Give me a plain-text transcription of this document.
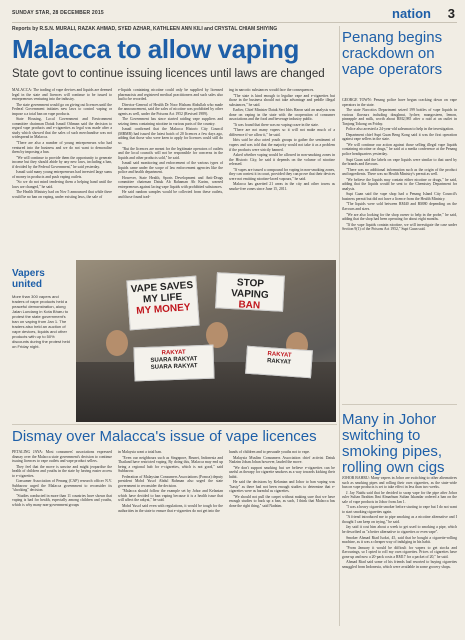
SUNDAY STAR, 28 DECEMBER 2015	nation 3
Reports by R.S.N. MURALI, RAZAK AHMAD, SYED AZHAR, KATHLEEN ANN KILI and CRYSTAL CHIAM SHIYING
Malacca to allow vaping
State govt to continue issuing licences until laws are changed

MALACCA: The trading of vape devices and liquids are deemed legal in the state and licences will continue to be issued to entrepreneurs venturing into the industry.

The state government would go on giving out licences until the Federal Government initiates new laws to control vaping or impose a a total ban on vape products.

State Housing, Local Government and Environment committee chairman Datuk Ismail Othman said the decision to regard vape products and e-cigarettes as legal was made after a study which showed that the sales of such merchandise was not widespread in Malacca.

"There are also a number of young entrepreneurs who had ventured into the business and we do not want to demoralise them by imposing a ban.

"We will continue to provide them the opportunity to generate income but they should abide by any new laws, including a ban, if decided by the Federal Government," he said yesterday.

Ismail said many young entrepreneurs had invested large sums of money in products and push vaping outlets.

"So we do not mind tendering them a helping hand until the laws are changed," he said.

The Health Ministry had on Nov 5 announced that while there would be no ban on vaping, under existing laws, the sale of

e-liquids containing nicotine could only be supplied by licensed pharmacists and registered medical practitioners and such sales also had to be recorded.

Director-General of Health Dr Noor Hisham Abdullah who made the announcement, said the sales of nicotine was prohibited by other agents as well, under the Poisons Act 1952 (Revised 1989).

The Government has since started raiding vape suppliers and seizing items containing nicotine in various parts of the country.

Ismail confirmed that the Malacca Historic City Council (MBMB) had issued the latest batch of 20 licences a few days ago, adding that those who were keen to apply for licences could still do so.

"But the licences are meant for the legitimate operators of outlets and the local councils will not be responsible for concerns in the liquids and other products sold," he said.

Ismail said monitoring and enforcement of the various types of liquids came under the scope of law enforcement agencies like the police and health department.

However, State Health, Sports Development and Anti-Drugs committee chairman Datuk Ab Rahaman Ab Karim, warned entrepreneurs against lacing vape liquids with prohibited substances.

He said random samples would be collected from these outlets, and those found trad-

ing in narcotic substances would face the consequences.

"The state is kind enough to legalise vape and e-cigarettes but those in the business should not take advantage and peddle illegal substances," he said.

Earlier, Chief Minister Datuk Seri Idris Haron said an analysis was done on vaping in the state with the cooperation of consumer associations and the food and beverage industry public.

"It was found that there was no vaping craze in the state.

"There are not many vapers so it will not make much of a difference if we allow it," he said.

Idris said he also acted youth groups to gather the sentiment of vapers and was told that the majority would not take it as a problem if the products were strictly banned.

Asked whether vaping would be allowed in non-smoking zones in the Historic City, he said it depends on the volume of nicotine released.

"If vapes are issued a compound for vaping in non-smoking zones, they can contest it in court, provided they can prove that their devices were not emitting nicotine-laced vapours," he said.

Malacca has gazetted 21 areas in the city and other towns as smoke-free zones since June 15, 2011.

Vapers united
More than 300 vapers and traders of vape products held a peaceful demonstration, along Jalan Lundang in Kota Bharu to protest the state government's ban on vaping from Jan 1. The traders also held an auction of vape devices, liquids and other products with up to 50% discounts during the protest held on Friday night.
VAPE SAVES
MY LIFE
MY MONEY
STOP VAPING
BAN
RAKYAT
SUARA RAKYAT
SUARA RAKYAT
RAKYAT
RAKYAT
Dismay over Malacca's issue of vape licences

PETALING JAYA: Most consumers' associations expressed dismay over the Malacca state government's decision to continue issuing licences to vape outlets and vape product sellers.

They feel that the move is unwise and might jeopardise the health of children and youths in the state by having easier access to e-cigarettes.

Consumer Association of Penang (CAP) research officer N.V. Subbarow urged the Malacca government to reconsider its "shocking" decision.

"Studies conducted in more than 11 countries have shown that vaping is bad for health, especially among children and youths, which is why many non-government groups

in Malaysia want a total ban.

"Even our neighbours such as Singapore, Brunei, Indonesia and Thailand have restricted vaping. By doing this, Malacca may end up being a regional hub for e-cigarettes, which is not good," said Subbarow.

Federation of Malaysian Consumers Associations (Fomca) deputy president Mohd Yusof Abdul Rahman also urged the state government to reconsider the decision.

"Malacca should follow the example set by Johor and Kelantan which have decided to ban vaping because it is a health issue that will affect the rakyat," he said.

Mohd Yusof said even with regulations, it would be tough for the authorities in the state to ensure that e-cigarettes do not get into the

hands of children and to persuade youths not to vape.

Malaysia Muslim Consumers Association chief activist Datuk Nadzim Johan Johan however, lauded the move.

"We don't support smoking but we believe e-cigarettes can be useful as therapy for cigarette smokers as a way towards kicking their habit.

He said the decisions by Kelantan and Johor to ban vaping was "hasty" as there had not been enough studies to determine that e-cigarettes were as harmful as cigarettes.

"We should not pull the carpet without making sure that we have enough studies to back up a ban, as such, I think that Malacca has done the right thing," said Nadzim.

Penang begins crackdown on vape operators

GEORGE TOWN: Penang police have begun cracking down on vape operators in the state.

The state Narcotics Department seized 199 bottles of vape liquids in various flavours including doughnut, lychee, mangosteen, lemon, pineapple and milk, worth about RM2,985 after a raid at an outlet in Tanjong Tokong on Friday.

Police also arrested a 24-year-old salesman to help in the investigation.

Department chief Supt Guan Beng Kong said it was the first operation against vape sellers in the state.

"We will continue our action against those selling illegal vape liquids containing nicotine or drugs," he said at a media conference at the Penang police headquarters yesterday.

Supt Guan said the labels on vape liquids were similar to that used by the brands and flavours.

"There was no additional information such as the origin of the product and ingredients. There was no Health Ministry's permit as well.

"We believe the liquids may contain either nicotine or drugs," he said, adding that the liquids would be sent to the Chemistry Department for analysis.

Supt Guan said the vape shop had a Penang Island City Council's business permit but did not have a licence from the Health Ministry.

"The liquids were sold between RM40 and RM80 depending on the flavours and sizes.

"We are also looking for the shop owner to help in the probe," he said, adding that the shop had been operating for about eight months.

"If the vape liquids contain nicotine, we will investigate the case under Section 9(1) of the Poisons Act 1952," Supt Guan said.

Many in Johor switching to smoking pipes, rolling own cigs

JOHOR BAHRU: Many vapers in Johor are switching to other alternatives such as smoking pipes and rolling their own cigarettes, as the state-wide ban on vape products is set to take effect in less than two weeks.

J. Jay Naidu said that he decided to swap vape for the pipe after Johor ruler Sultan Ibrahim Ibni Almarhum Sultan Iskandar ordered a ban on the sale of vape products in Johor from Jan 1.

"I was a heavy cigarette smoker before starting to vape but I do not want to start smoking cigarettes again.

"A friend introduced me to pipe smoking as a nicotine alternative and I thought I can keep on trying," he said.

Jay said it cost him about a week to get used to smoking a pipe, which he described as "a better alternative to cigarettes or even vape".

Smoker Ahmad Riad Isokri, 45, said that he bought a cigarette-rolling machine, as it was a cheaper way of indulging in his habit.

"From January it would be difficult for vapers to get stocks and flavourings, so I opted to roll my own cigarettes. Prices of cigarettes have gone up and now a 20-pack costs a RM17 for a packet of 20," he said.

Ahmad Riad said some of his friends had resorted to buying cigarettes smuggled from Indonesia, which were available in some grocery shops.
